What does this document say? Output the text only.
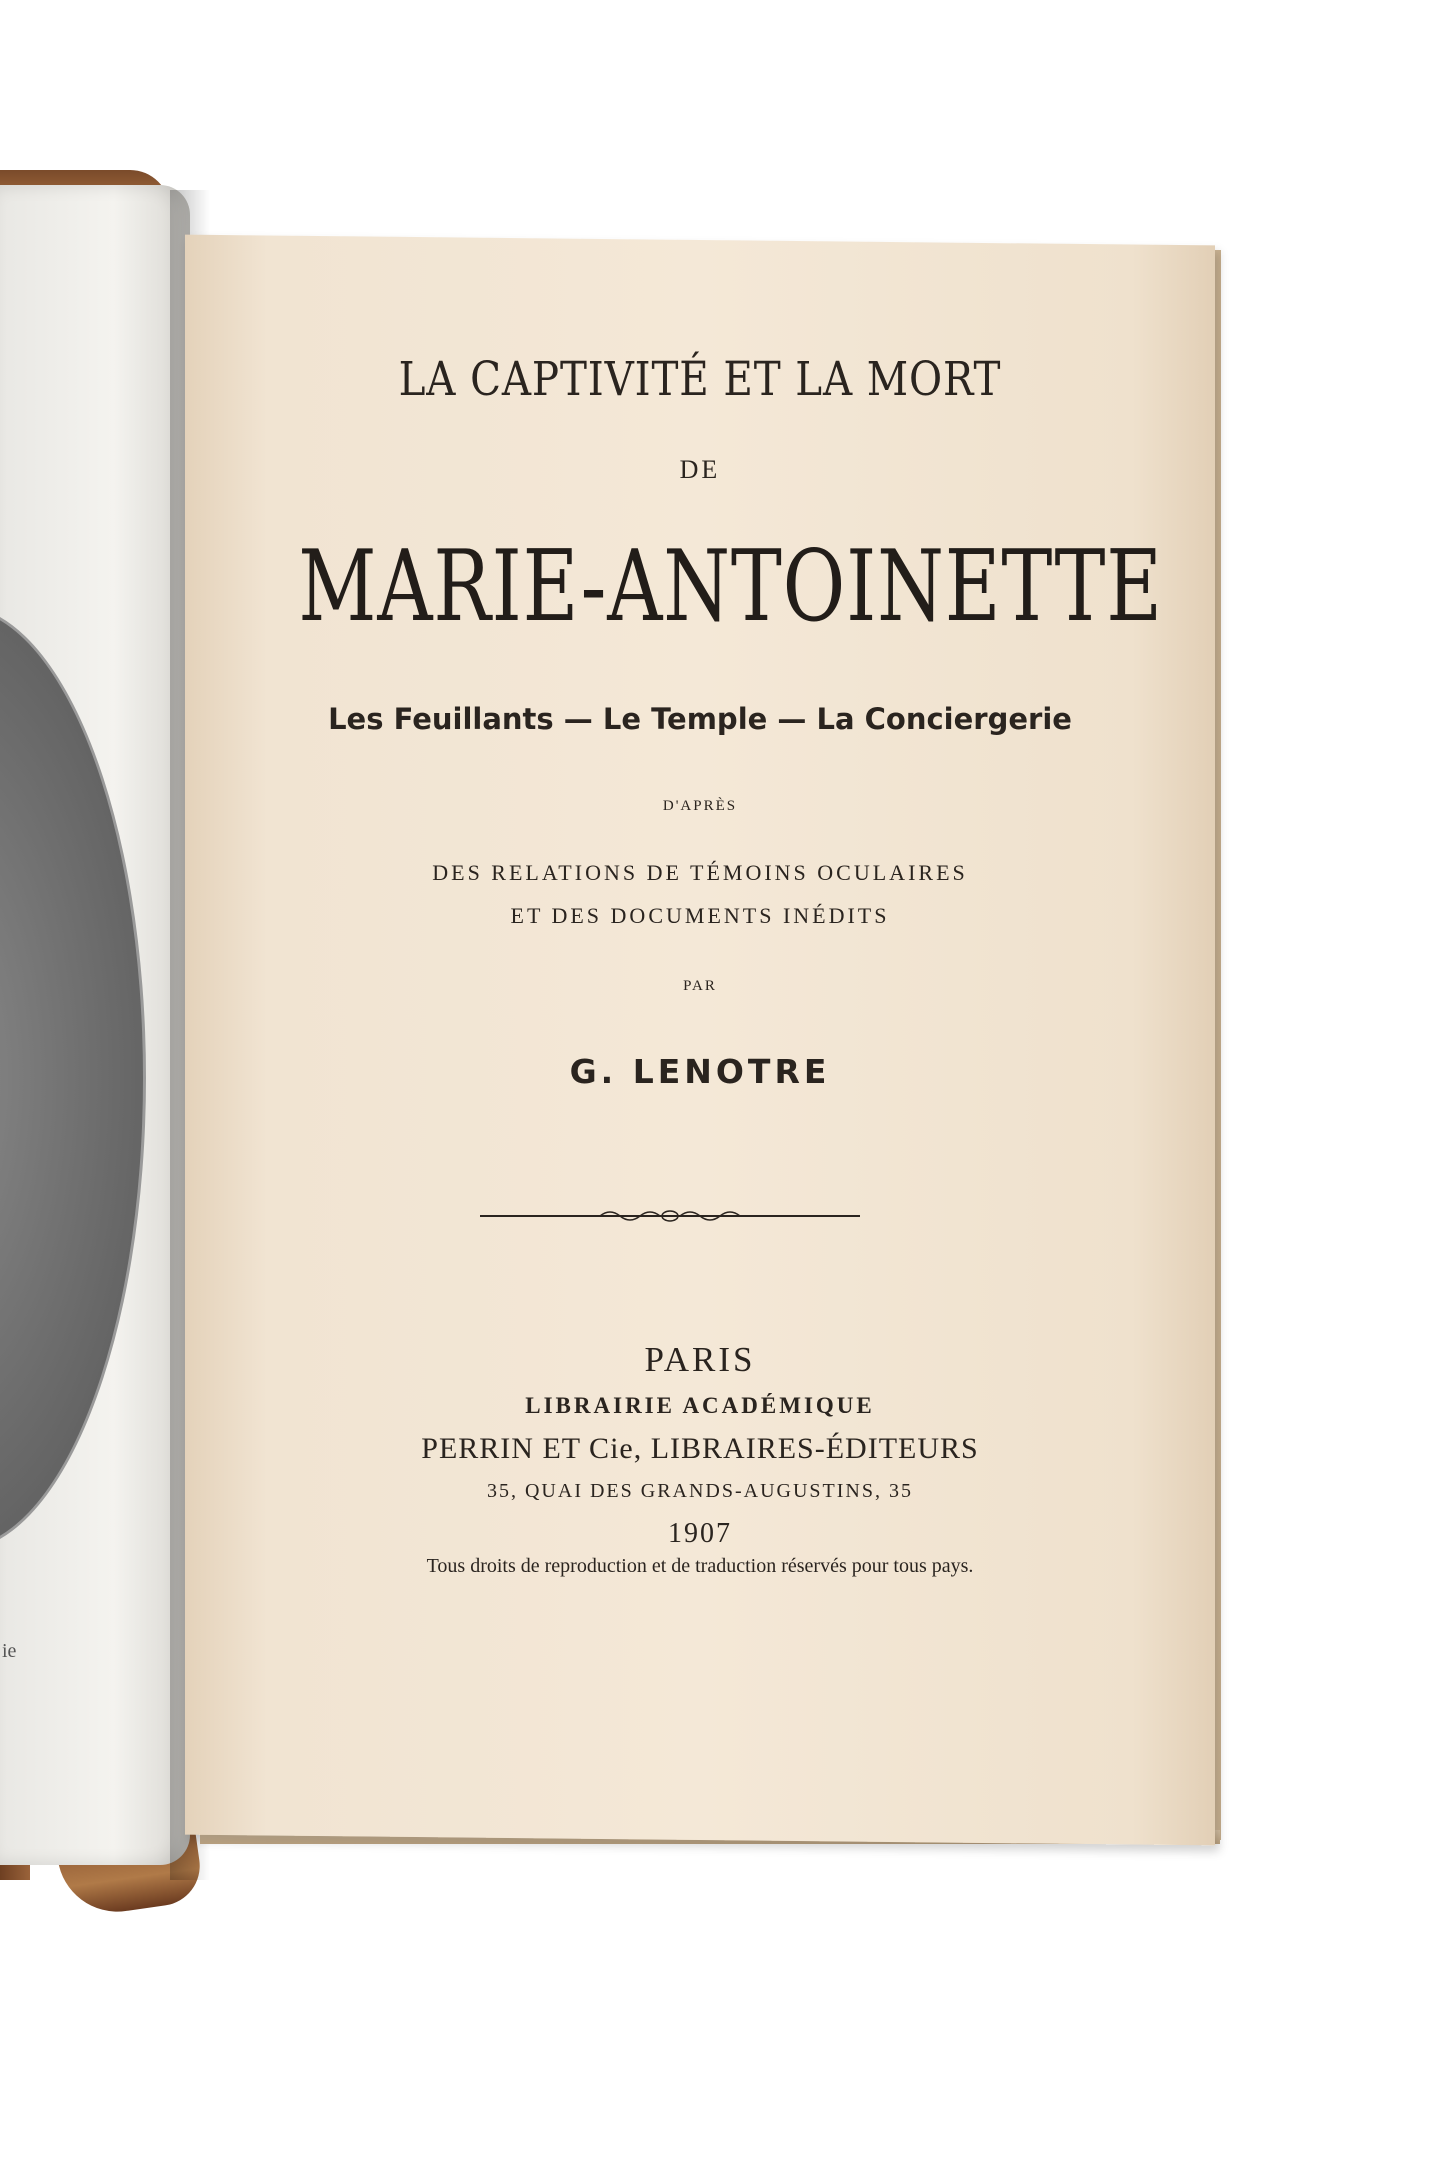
ie
LA CAPTIVITÉ ET LA MORT
DE
MARIE-ANTOINETTE
Les Feuillants — Le Temple — La Conciergerie
D'APRÈS
DES RELATIONS DE TÉMOINS OCULAIRES
ET DES DOCUMENTS INÉDITS
PAR
G. LENOTRE
PARIS
LIBRAIRIE ACADÉMIQUE
PERRIN ET Cie, LIBRAIRES-ÉDITEURS
35, QUAI DES GRANDS-AUGUSTINS, 35
1907
Tous droits de reproduction et de traduction réservés pour tous pays.
